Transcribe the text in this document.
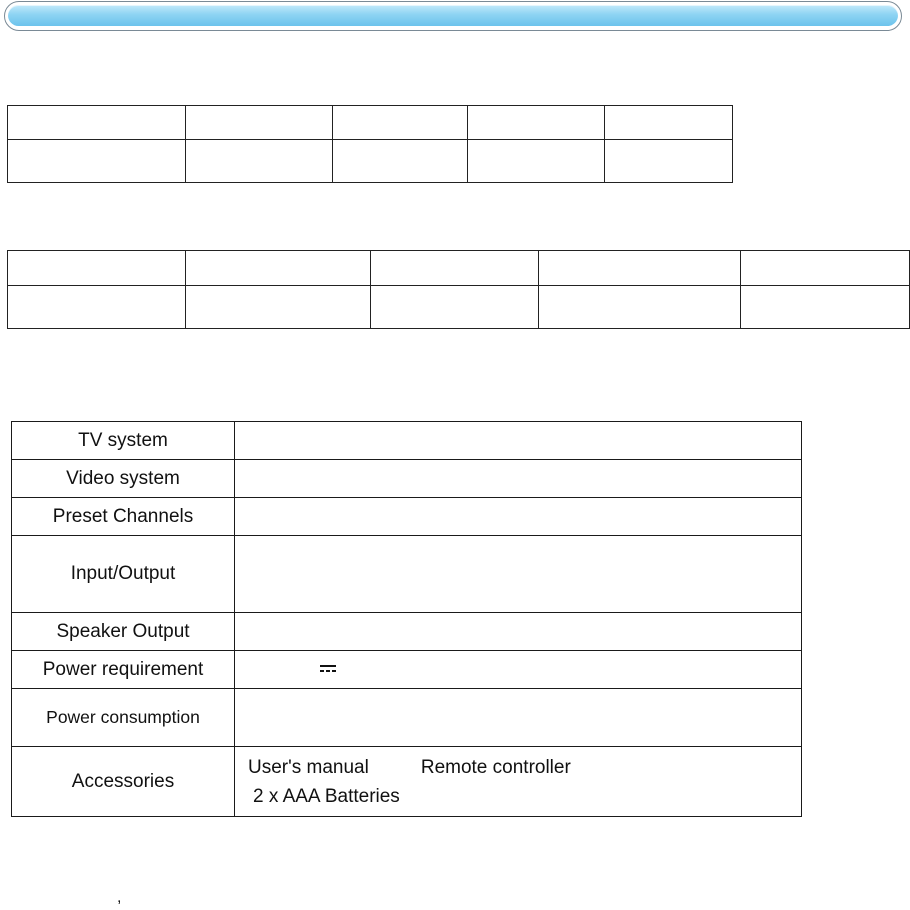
TV system	
Video system	
Preset Channels	
Input/Output	
Speaker Output	
Power requirement	
Power consumption	
Accessories	User's manual Remote controller
2 x AAA Batteries
,
